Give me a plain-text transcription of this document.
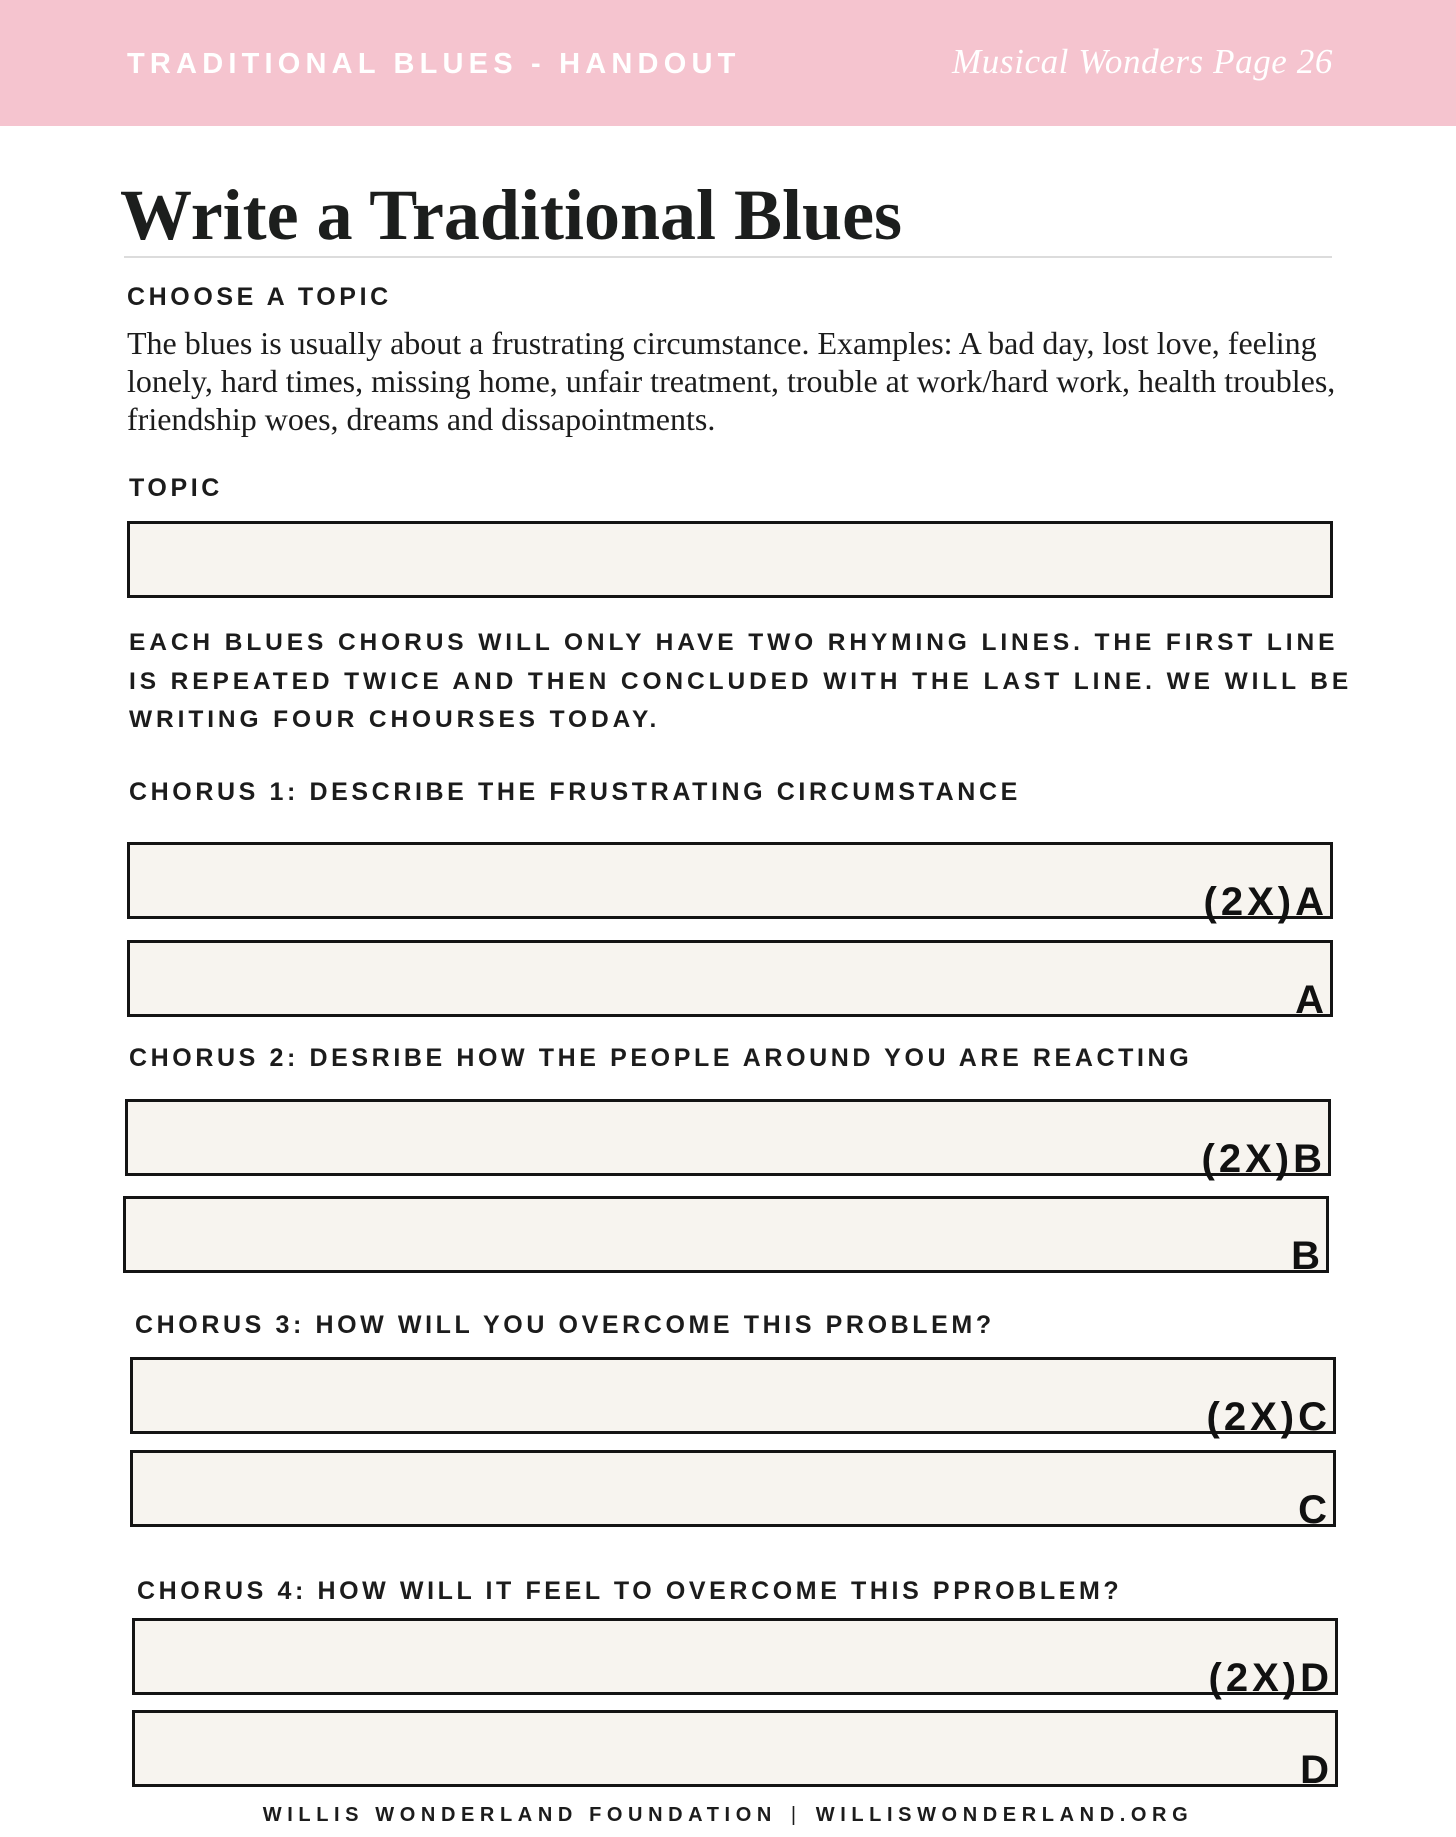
TRADITIONAL BLUES - HANDOUT	Musical Wonders Page 26
Write a Traditional Blues
CHOOSE A TOPIC

The blues is usually about a frustrating circumstance. Examples: A bad day, lost love, feeling lonely, hard times, missing home, unfair treatment, trouble at work/hard work, health troubles, friendship woes, dreams and dissapointments.

TOPIC

EACH BLUES CHORUS WILL ONLY HAVE TWO RHYMING LINES. THE FIRST LINE IS REPEATED TWICE AND THEN CONCLUDED WITH THE LAST LINE. WE WILL BE WRITING FOUR CHOURSES TODAY.

CHORUS 1: DESCRIBE THE FRUSTRATING CIRCUMSTANCE
(2X)A
A
CHORUS 2: DESRIBE HOW THE PEOPLE AROUND YOU ARE REACTING
(2X)B
B
CHORUS 3: HOW WILL YOU OVERCOME THIS PROBLEM?
(2X)C
C
CHORUS 4: HOW WILL IT FEEL TO OVERCOME THIS PPROBLEM?
(2X)D
D
WILLIS WONDERLAND FOUNDATION | WILLISWONDERLAND.ORG
